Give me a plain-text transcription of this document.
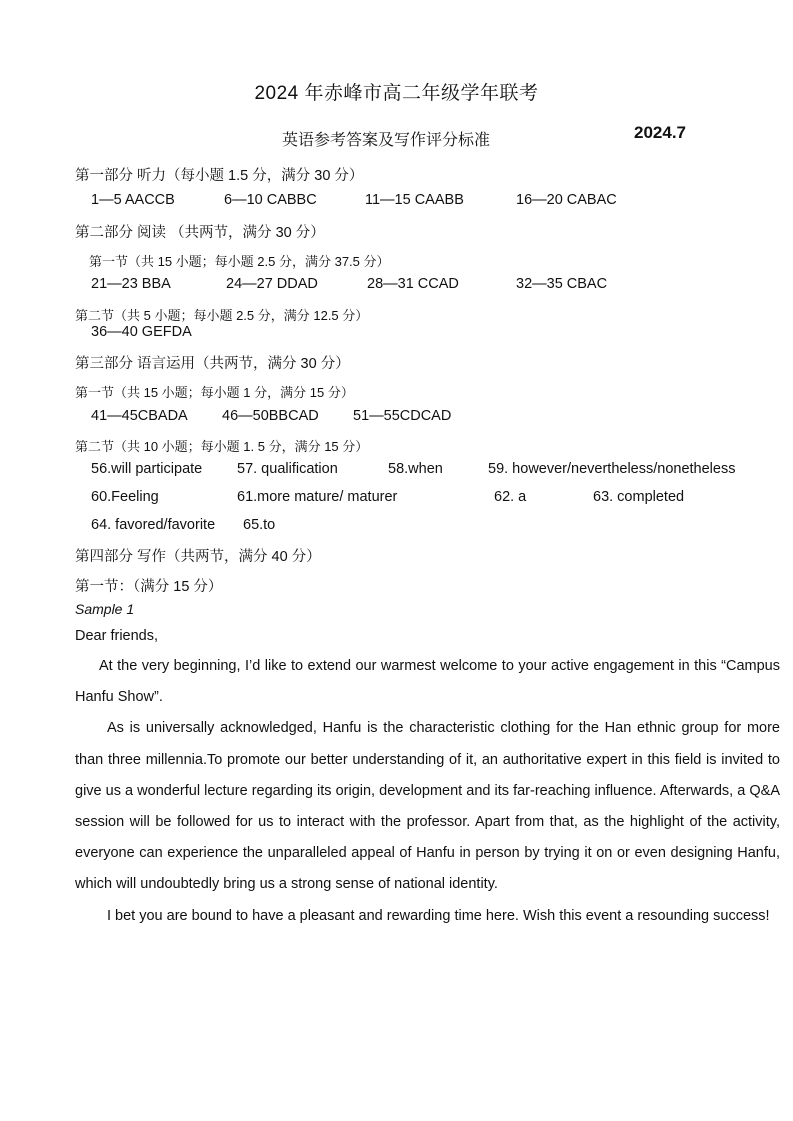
2024 年赤峰市高二年级学年联考
英语参考答案及写作评分标准	2024.7
第一部分 听力（每小题 1.5 分，满分 30 分）
1—5 AACCB	6—10 CABBC	11—15 CAABB	16—20 CABAC
第二部分 阅读 （共两节，满分 30 分）
第一节（共 15 小题；每小题 2.5 分，满分 37.5 分）
21—23 BBA	24—27 DDAD	28—31 CCAD	32—35 CBAC
第二节（共 5 小题；每小题 2.5 分，满分 12.5 分）
36—40 GEFDA
第三部分 语言运用（共两节，满分 30 分）
第一节（共 15 小题；每小题 1 分，满分 15 分）
41—45CBADA 46—50BBCAD 51—55CDCAD
第二节（共 10 小题；每小题 1. 5 分，满分 15 分）
56.will participate 57. qualification	58.when	59. however/nevertheless/nonetheless
60.Feeling	61.more mature/ maturer	62. a	63. completed
64. favored/favorite 65.to
第四部分 写作（共两节，满分 40 分）
第一节：（满分 15 分）
Sample 1
Dear friends,

At the very beginning, I’d like to extend our warmest welcome to your active engagement in this “Campus Hanfu Show”.

As is universally acknowledged, Hanfu is the characteristic clothing for the Han ethnic group for more than three millennia.To promote our better understanding of it, an authoritative expert in this field is invited to give us a wonderful lecture regarding its origin, development and its far-reaching influence. Afterwards, a Q&A session will be followed for us to interact with the professor. Apart from that, as the highlight of the activity, everyone can experience the unparalleled appeal of Hanfu in person by trying it on or even designing Hanfu, which will undoubtedly bring us a strong sense of national identity.

I bet you are bound to have a pleasant and rewarding time here. Wish this event a resounding success!
